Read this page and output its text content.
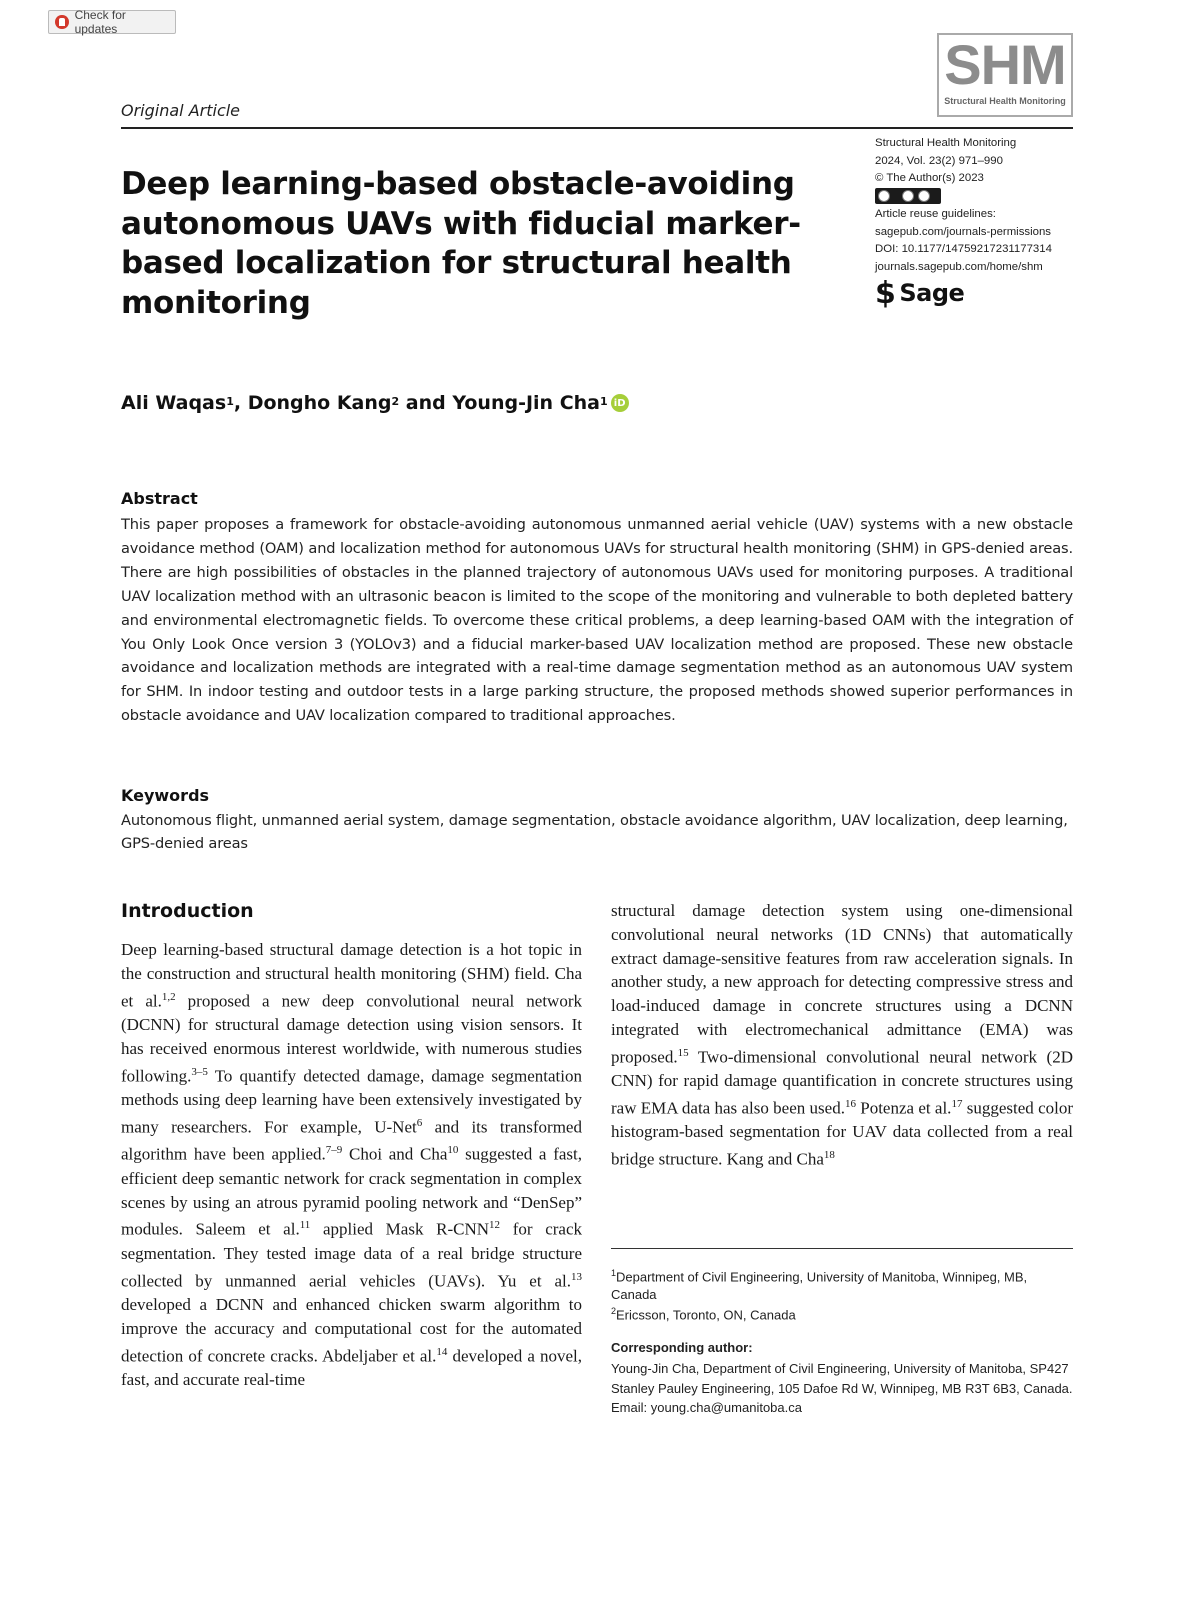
Check for updates
SHM
Structural Health Monitoring
Original Article
Deep learning-based obstacle-avoiding autonomous UAVs with fiducial marker-based localization for structural health monitoring
Structural Health Monitoring
2024, Vol. 23(2) 971–990
© The Author(s) 2023
Article reuse guidelines:
sagepub.com/journals-permissions
DOI: 10.1177/14759217231177314
journals.sagepub.com/home/shm
$ Sage
Ali Waqas$^1$ , Dongho Kang$^2$ and Young-Jin Cha$^1$ iD
Abstract

This paper proposes a framework for obstacle-avoiding autonomous unmanned aerial vehicle (UAV) systems with a new obstacle avoidance method (OAM) and localization method for autonomous UAVs for structural health monitoring (SHM) in GPS-denied areas. There are high possibilities of obstacles in the planned trajectory of autonomous UAVs used for monitoring purposes. A traditional UAV localization method with an ultrasonic beacon is limited to the scope of the monitoring and vulnerable to both depleted battery and environmental electromagnetic fields. To overcome these critical problems, a deep learning-based OAM with the integration of You Only Look Once version 3 (YOLOv3) and a fiducial marker-based UAV localization method are proposed. These new obstacle avoidance and localization methods are integrated with a real-time damage segmentation method as an autonomous UAV system for SHM. In indoor testing and outdoor tests in a large parking structure, the proposed methods showed superior performances in obstacle avoidance and UAV localization compared to traditional approaches.

Keywords

Autonomous flight, unmanned aerial system, damage segmentation, obstacle avoidance algorithm, UAV localization, deep learning, GPS-denied areas

Introduction

Deep learning-based structural damage detection is a hot topic in the construction and structural health monitoring (SHM) field. Cha et al.$^{1,2}$ proposed a new deep convolutional neural network (DCNN) for structural damage detection using vision sensors. It has received enormous interest worldwide, with numerous studies following.$^{3-5}$ To quantify detected damage, damage segmentation methods using deep learning have been extensively investigated by many researchers. For example, U-Net$^6$ and its transformed algorithm have been applied.$^{7-9}$ Choi and Cha$^{10}$ suggested a fast, efficient deep semantic network for crack segmentation in complex scenes by using an atrous pyramid pooling network and “DenSep” modules. Saleem et al.$^{11}$ applied Mask R-CNN$^{12}$ for crack segmentation. They tested image data of a real bridge structure collected by unmanned aerial vehicles (UAVs). Yu et al.$^{13}$ developed a DCNN and enhanced chicken swarm algorithm to improve the accuracy and computational cost for the automated detection of concrete cracks. Abdeljaber et al.$^{14}$ developed a novel, fast, and accurate real-time

structural damage detection system using one-dimensional convolutional neural networks (1D CNNs) that automatically extract damage-sensitive features from raw acceleration signals. In another study, a new approach for detecting compressive stress and load-induced damage in concrete structures using a DCNN integrated with electromechanical admittance (EMA) was proposed.$^{15}$ Two-dimensional convolutional neural network (2D CNN) for rapid damage quantification in concrete structures using raw EMA data has also been used.$^{16}$ Potenza et al.$^{17}$ suggested color histogram-based segmentation for UAV data collected from a real bridge structure. Kang and Cha$^{18}$

$^1$Department of Civil Engineering, University of Manitoba, Winnipeg, MB, Canada
$^2$Ericsson, Toronto, ON, Canada
Corresponding author:
Young-Jin Cha, Department of Civil Engineering, University of Manitoba, SP427 Stanley Pauley Engineering, 105 Dafoe Rd W, Winnipeg, MB R3T 6B3, Canada.
Email: young.cha@umanitoba.ca
